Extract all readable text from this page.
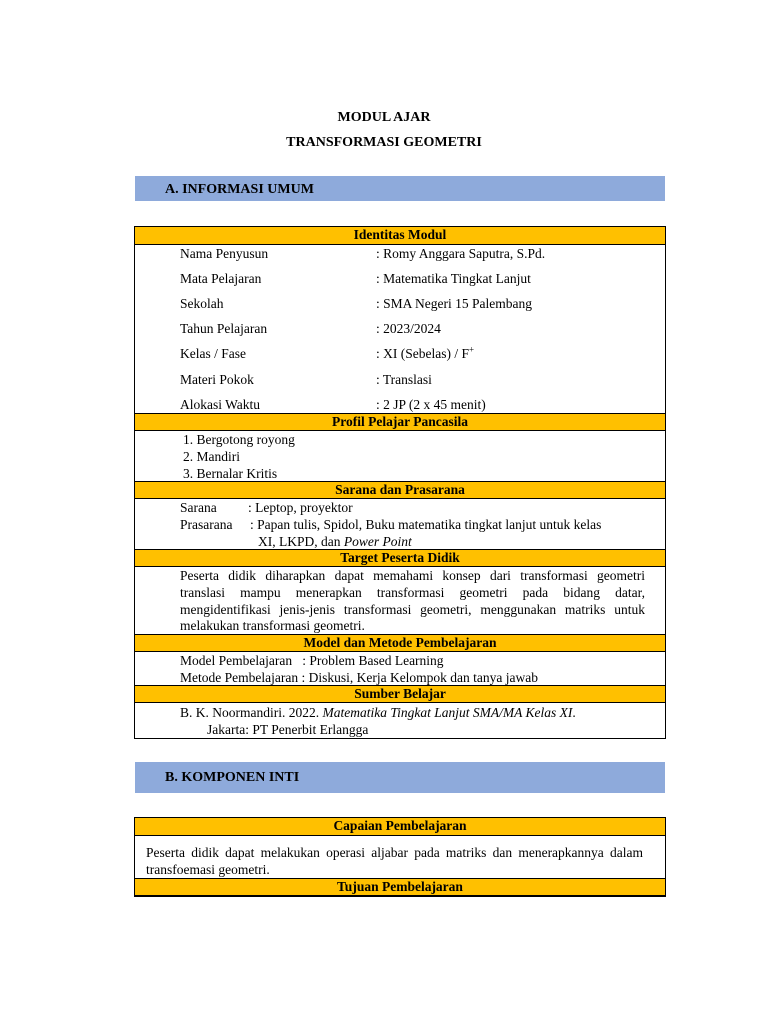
MODUL AJAR
TRANSFORMASI GEOMETRI
A. INFORMASI UMUM
Identitas Modul
Nama Penyusun	: Romy Anggara Saputra, S.Pd.
Mata Pelajaran	: Matematika Tingkat Lanjut
Sekolah	: SMA Negeri 15 Palembang
Tahun Pelajaran	: 2023/2024
Kelas / Fase	: XI (Sebelas) / F+
Materi Pokok	: Translasi
Alokasi Waktu	: 2 JP (2 x 45 menit)
Profil Pelajar Pancasila
1. Bergotong royong
2. Mandiri
3. Bernalar Kritis
Sarana dan Prasarana
Sarana : Leptop, proyektor
Prasarana : Papan tulis, Spidol, Buku matematika tingkat lanjut untuk kelas
XI, LKPD, dan Power Point
Target Peserta Didik
Peserta didik diharapkan dapat memahami konsep dari transformasi geometri translasi mampu menerapkan transformasi geometri pada bidang datar, mengidentifikasi jenis-jenis transformasi geometri, menggunakan matriks untuk melakukan transformasi geometri.
Model dan Metode Pembelajaran
Model Pembelajaran   : Problem Based Learning
Metode Pembelajaran : Diskusi, Kerja Kelompok dan tanya jawab
Sumber Belajar
B. K. Noormandiri. 2022. Matematika Tingkat Lanjut SMA/MA Kelas XI.
Jakarta: PT Penerbit Erlangga
B. KOMPONEN INTI
Capaian Pembelajaran
Peserta didik dapat melakukan operasi aljabar pada matriks dan menerapkannya dalam transfoemasi geometri.
Tujuan Pembelajaran
